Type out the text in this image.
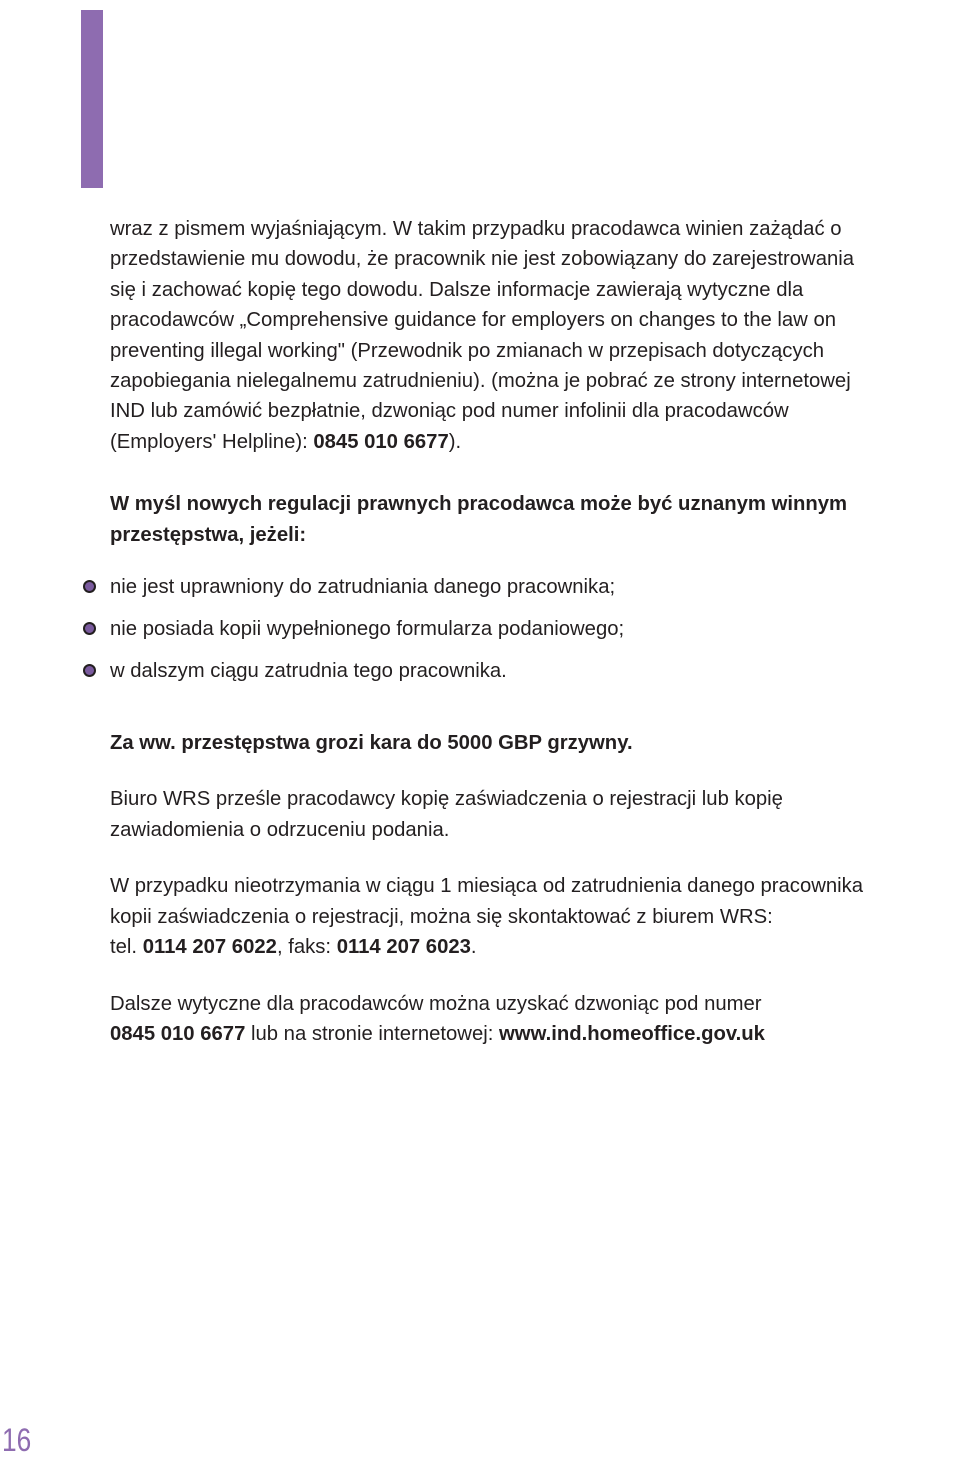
wraz z pismem wyjaśniającym. W takim przypadku pracodawca winien zażądać o
przedstawienie mu dowodu, że pracownik nie jest zobowiązany do zarejestrowania
się i zachować kopię tego dowodu. Dalsze informacje zawierają wytyczne dla
pracodawców „Comprehensive guidance for employers on changes to the law on
preventing illegal working" (Przewodnik po zmianach w przepisach dotyczących
zapobiegania nielegalnemu zatrudnieniu). (można je pobrać ze strony internetowej
IND lub zamówić bezpłatnie, dzwoniąc pod numer infolinii dla pracodawców
(Employers' Helpline): 0845 010 6677).

W myśl nowych regulacji prawnych pracodawca może być uznanym winnym
przestępstwa, jeżeli:

nie jest uprawniony do zatrudniania danego pracownika;
nie posiada kopii wypełnionego formularza podaniowego;
w dalszym ciągu zatrudnia tego pracownika.

Za ww. przestępstwa grozi kara do 5000 GBP grzywny.

Biuro WRS prześle pracodawcy kopię zaświadczenia o rejestracji lub kopię
zawiadomienia o odrzuceniu podania.

W przypadku nieotrzymania w ciągu 1 miesiąca od zatrudnienia danego pracownika
kopii zaświadczenia o rejestracji, można się skontaktować z biurem WRS:
tel. 0114 207 6022, faks: 0114 207 6023.

Dalsze wytyczne dla pracodawców można uzyskać dzwoniąc pod numer
0845 010 6677 lub na stronie internetowej: www.ind.homeoffice.gov.uk

16
